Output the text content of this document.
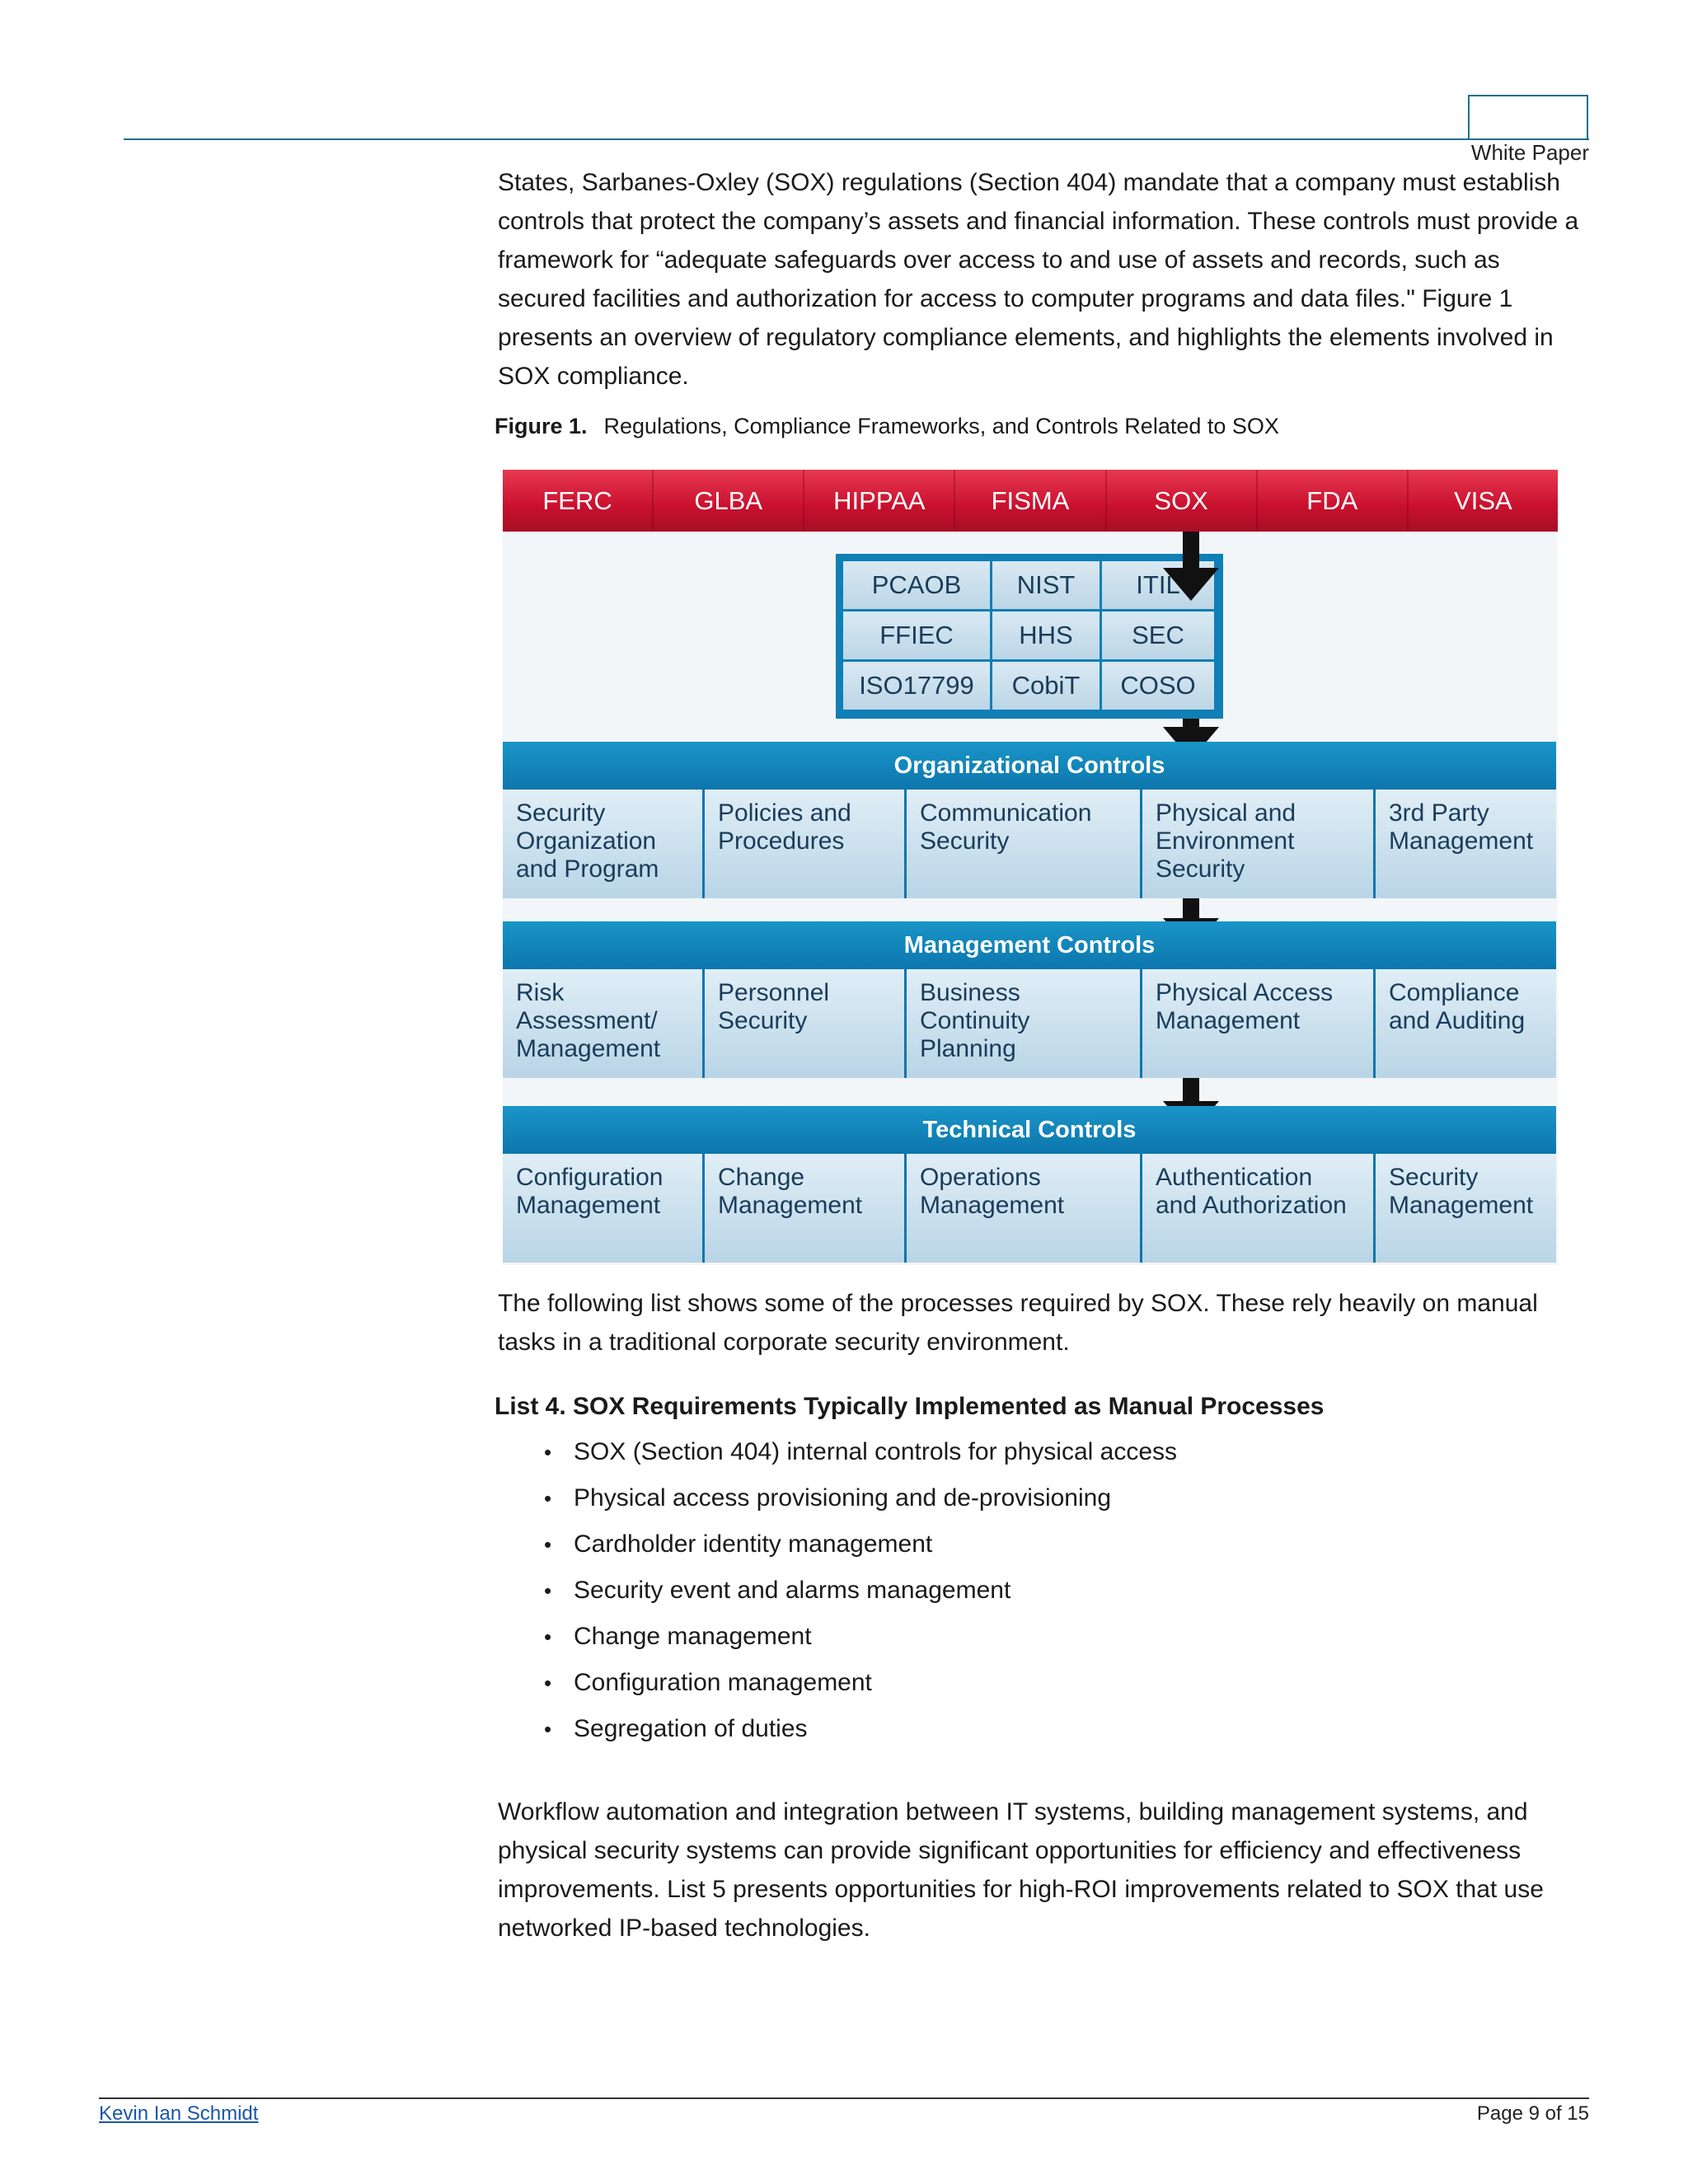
White Paper
States, Sarbanes-Oxley (SOX) regulations (Section 404) mandate that a company must establish
controls that protect the company’s assets and financial information. These controls must provide a
framework for “adequate safeguards over access to and use of assets and records, such as
secured facilities and authorization for access to computer programs and data files." Figure 1
presents an overview of regulatory compliance elements, and highlights the elements involved in
SOX compliance.
Figure 1. Regulations, Compliance Frameworks, and Controls Related to SOX
FERC	GLBA	HIPPAA	FISMA	SOX	FDA	VISA
PCAOB	NIST	ITIL
FFIEC	HHS	SEC
ISO17799	CobiT	COSO
Organizational Controls
Security Organization and Program
Policies and Procedures
Communication Security
Physical and Environment Security
3rd Party Management
Management Controls
Risk Assessment/ Management
Personnel Security
Business Continuity Planning
Physical Access Management
Compliance and Auditing
Technical Controls
Configuration Management
Change Management
Operations Management
Authentication and Authorization
Security Management
The following list shows some of the processes required by SOX. These rely heavily on manual
tasks in a traditional corporate security environment.
List 4. SOX Requirements Typically Implemented as Manual Processes
• SOX (Section 404) internal controls for physical access
• Physical access provisioning and de-provisioning
• Cardholder identity management
• Security event and alarms management
• Change management
• Configuration management
• Segregation of duties
Workflow automation and integration between IT systems, building management systems, and
physical security systems can provide significant opportunities for efficiency and effectiveness
improvements. List 5 presents opportunities for high-ROI improvements related to SOX that use
networked IP-based technologies.
Kevin Ian Schmidt	Page 9 of 15
